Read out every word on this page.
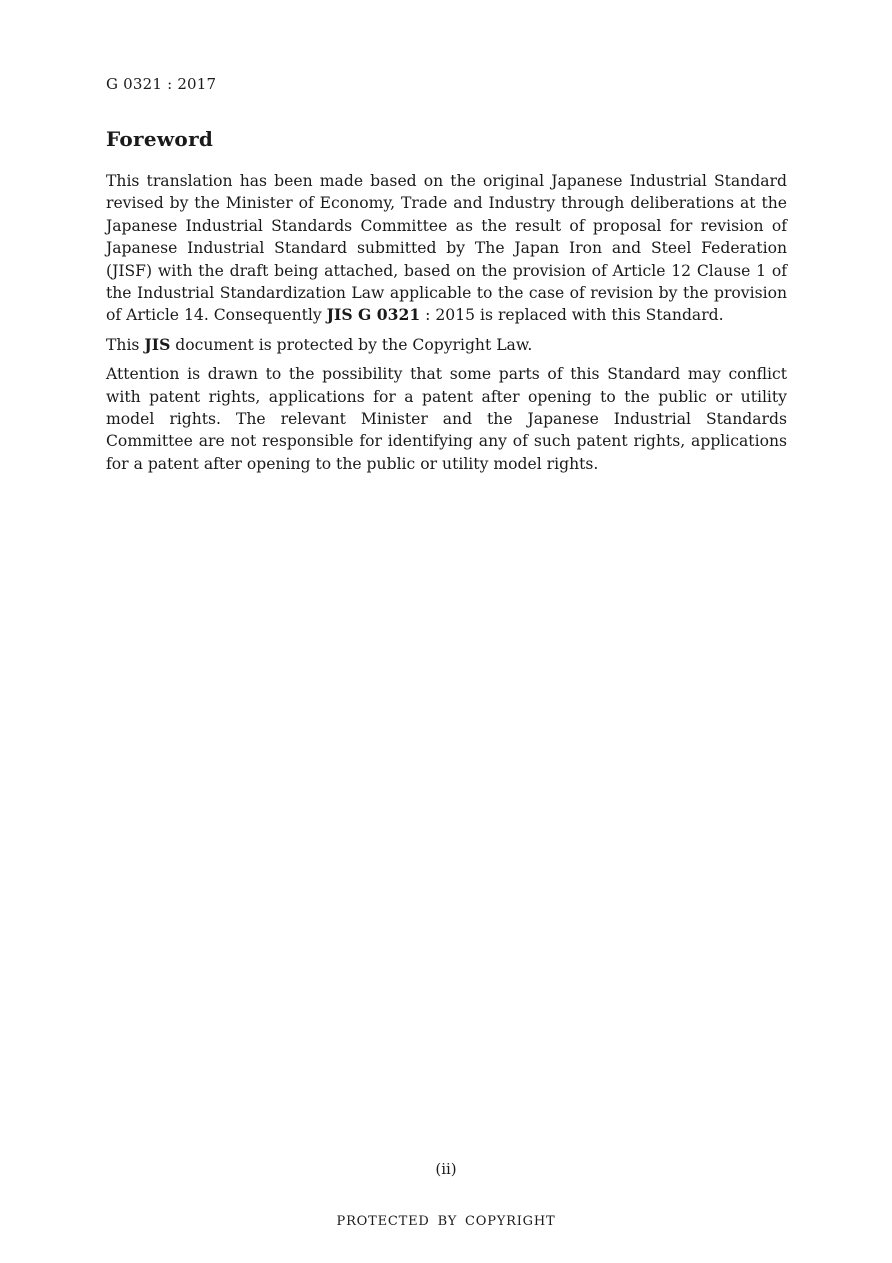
G 0321 : 2017
Foreword

This translation has been made based on the original Japanese Industrial Standard revised by the Minister of Economy, Trade and Industry through deliberations at the Japanese Industrial Standards Committee as the result of proposal for revision of Japanese Industrial Standard submitted by The Japan Iron and Steel Federation (JISF) with the draft being attached, based on the provision of Article 12 Clause 1 of the Industrial Standardization Law applicable to the case of revision by the provision of Article 14. Consequently JIS G 0321 : 2015 is replaced with this Standard.

This JIS document is protected by the Copyright Law.

Attention is drawn to the possibility that some parts of this Standard may conflict with patent rights, applications for a patent after opening to the public or utility model rights. The relevant Minister and the Japanese Industrial Standards Committee are not responsible for identifying any of such patent rights, applications for a patent after opening to the public or utility model rights.

(ii)
PROTECTED BY COPYRIGHT
